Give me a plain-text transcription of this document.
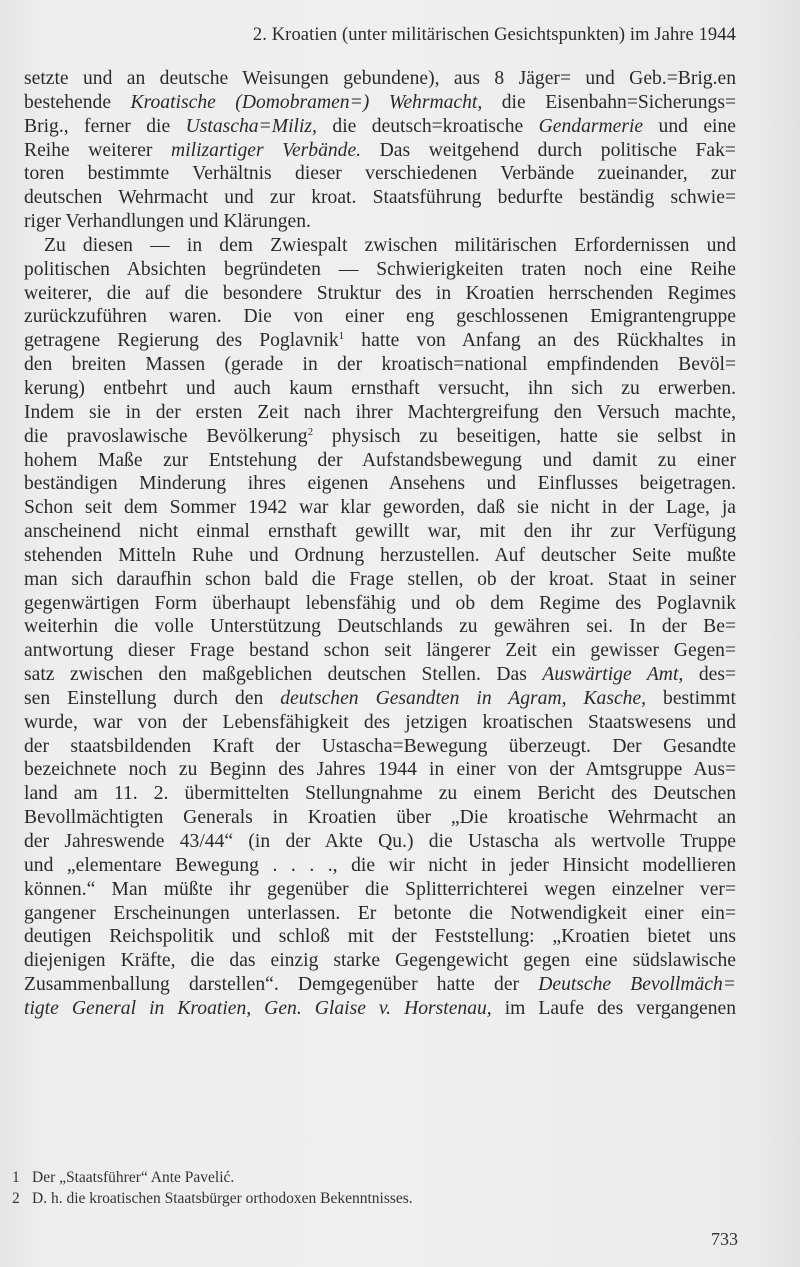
2. Kroatien (unter militärischen Gesichtspunkten) im Jahre 1944
setzte und an deutsche Weisungen gebundene), aus 8 Jäger= und Geb.=Brig.en
bestehende Kroatische (Domobramen=) Wehrmacht, die Eisenbahn=Sicherungs=
Brig., ferner die Ustascha=Miliz, die deutsch=kroatische Gendarmerie und eine
Reihe weiterer milizartiger Verbände. Das weitgehend durch politische Fak=
toren bestimmte Verhältnis dieser verschiedenen Verbände zueinander, zur
deutschen Wehrmacht und zur kroat. Staatsführung bedurfte beständig schwie=
riger Verhandlungen und Klärungen.
Zu diesen — in dem Zwiespalt zwischen militärischen Erfordernissen und
politischen Absichten begründeten — Schwierigkeiten traten noch eine Reihe
weiterer, die auf die besondere Struktur des in Kroatien herrschenden Regimes
zurückzuführen waren. Die von einer eng geschlossenen Emigrantengruppe
getragene Regierung des Poglavnik$^1$ hatte von Anfang an des Rückhaltes in
den breiten Massen (gerade in der kroatisch=national empfindenden Bevöl=
kerung) entbehrt und auch kaum ernsthaft versucht, ihn sich zu erwerben.
Indem sie in der ersten Zeit nach ihrer Machtergreifung den Versuch machte,
die pravoslawische Bevölkerung$^2$ physisch zu beseitigen, hatte sie selbst in
hohem Maße zur Entstehung der Aufstandsbewegung und damit zu einer
beständigen Minderung ihres eigenen Ansehens und Einflusses beigetragen.
Schon seit dem Sommer 1942 war klar geworden, daß sie nicht in der Lage, ja
anscheinend nicht einmal ernsthaft gewillt war, mit den ihr zur Verfügung
stehenden Mitteln Ruhe und Ordnung herzustellen. Auf deutscher Seite mußte
man sich daraufhin schon bald die Frage stellen, ob der kroat. Staat in seiner
gegenwärtigen Form überhaupt lebensfähig und ob dem Regime des Poglavnik
weiterhin die volle Unterstützung Deutschlands zu gewähren sei. In der Be=
antwortung dieser Frage bestand schon seit längerer Zeit ein gewisser Gegen=
satz zwischen den maßgeblichen deutschen Stellen. Das Auswärtige Amt, des=
sen Einstellung durch den deutschen Gesandten in Agram, Kasche, bestimmt
wurde, war von der Lebensfähigkeit des jetzigen kroatischen Staatswesens und
der staatsbildenden Kraft der Ustascha=Bewegung überzeugt. Der Gesandte
bezeichnete noch zu Beginn des Jahres 1944 in einer von der Amtsgruppe Aus=
land am 11. 2. übermittelten Stellungnahme zu einem Bericht des Deutschen
Bevollmächtigten Generals in Kroatien über „Die kroatische Wehrmacht an
der Jahreswende 43/44“ (in der Akte Qu.) die Ustascha als wertvolle Truppe
und „elementare Bewegung . . . ., die wir nicht in jeder Hinsicht modellieren
können.“ Man müßte ihr gegenüber die Splitterrichterei wegen einzelner ver=
gangener Erscheinungen unterlassen. Er betonte die Notwendigkeit einer ein=
deutigen Reichspolitik und schloß mit der Feststellung: „Kroatien bietet uns
diejenigen Kräfte, die das einzig starke Gegengewicht gegen eine südslawische
Zusammenballung darstellen“. Demgegenüber hatte der Deutsche Bevollmäch=
tigte General in Kroatien, Gen. Glaise v. Horstenau, im Laufe des vergangenen
1 Der „Staatsführer“ Ante Pavelić.
2 D. h. die kroatischen Staatsbürger orthodoxen Bekenntnisses.
733
